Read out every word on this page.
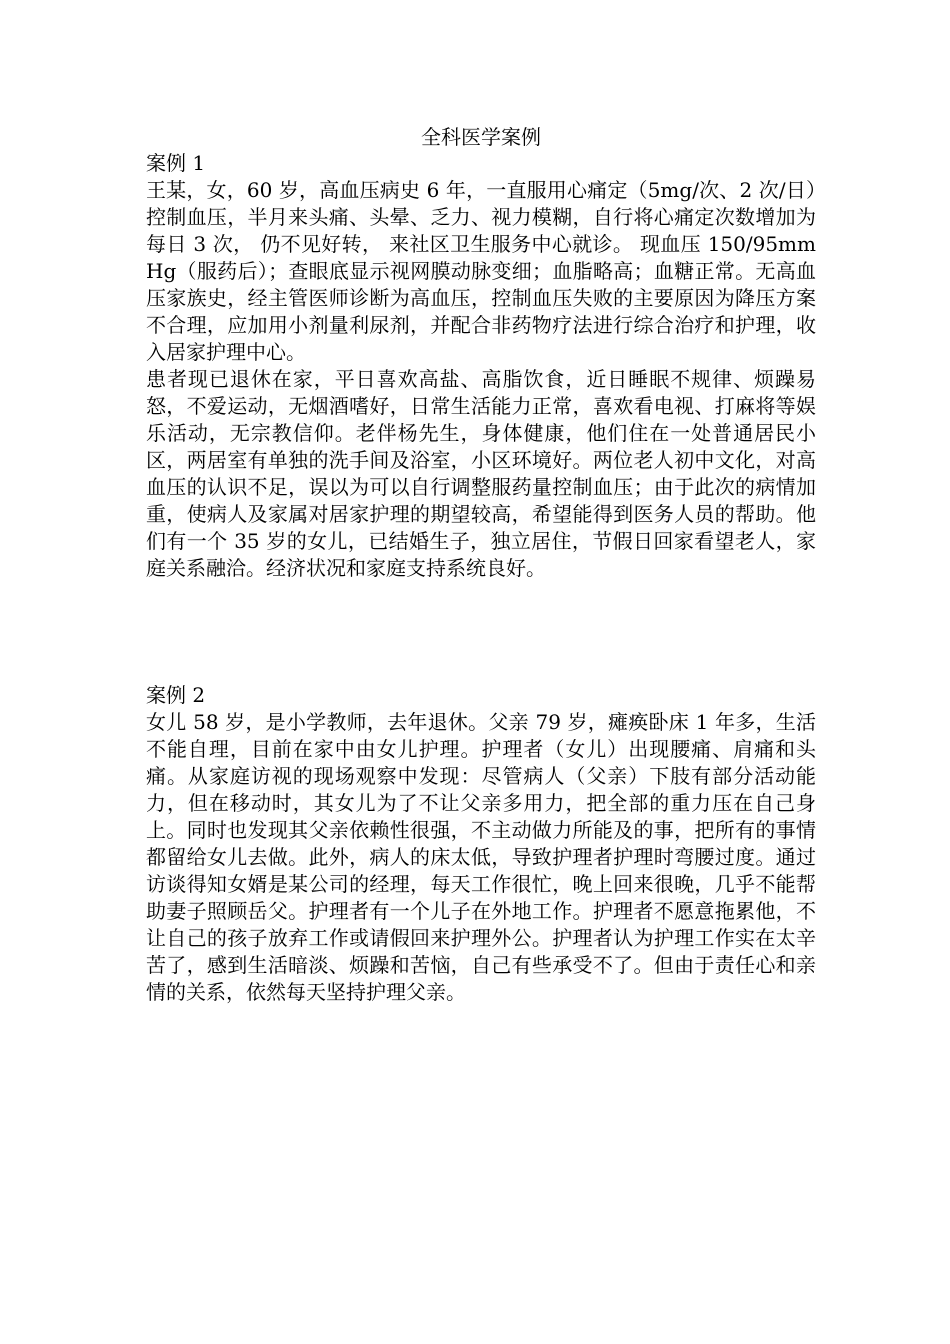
全科医学案例

案例 1

王某，女，60 岁，高血压病史 6 年，一直服用心痛定（5mg/次、2 次/日）控制血压，半月来头痛、头晕、乏力、视力模糊，自行将心痛定次数增加为每日 3 次， 仍不见好转， 来社区卫生服务中心就诊。 现血压 150/95mmHg（服药后）；查眼底显示视网膜动脉变细；血脂略高；血糖正常。无高血压家族史，经主管医师诊断为高血压，控制血压失败的主要原因为降压方案不合理，应加用小剂量利尿剂，并配合非药物疗法进行综合治疗和护理，收入居家护理中心。

患者现已退休在家，平日喜欢高盐、高脂饮食，近日睡眠不规律、烦躁易怒，不爱运动，无烟酒嗜好，日常生活能力正常，喜欢看电视、打麻将等娱乐活动，无宗教信仰。老伴杨先生，身体健康，他们住在一处普通居民小区，两居室有单独的洗手间及浴室，小区环境好。两位老人初中文化，对高血压的认识不足，误以为可以自行调整服药量控制血压；由于此次的病情加重，使病人及家属对居家护理的期望较高，希望能得到医务人员的帮助。他们有一个 35 岁的女儿，已结婚生子，独立居住，节假日回家看望老人，家庭关系融洽。经济状况和家庭支持系统良好。

案例 2

女儿 58 岁，是小学教师，去年退休。父亲 79 岁，瘫痪卧床 1 年多，生活不能自理，目前在家中由女儿护理。护理者（女儿）出现腰痛、肩痛和头痛。从家庭访视的现场观察中发现：尽管病人（父亲）下肢有部分活动能力，但在移动时，其女儿为了不让父亲多用力，把全部的重力压在自己身上。同时也发现其父亲依赖性很强，不主动做力所能及的事，把所有的事情都留给女儿去做。此外，病人的床太低，导致护理者护理时弯腰过度。通过访谈得知女婿是某公司的经理，每天工作很忙，晚上回来很晚，几乎不能帮助妻子照顾岳父。护理者有一个儿子在外地工作。护理者不愿意拖累他，不让自己的孩子放弃工作或请假回来护理外公。护理者认为护理工作实在太辛苦了，感到生活暗淡、烦躁和苦恼，自己有些承受不了。但由于责任心和亲情的关系，依然每天坚持护理父亲。
